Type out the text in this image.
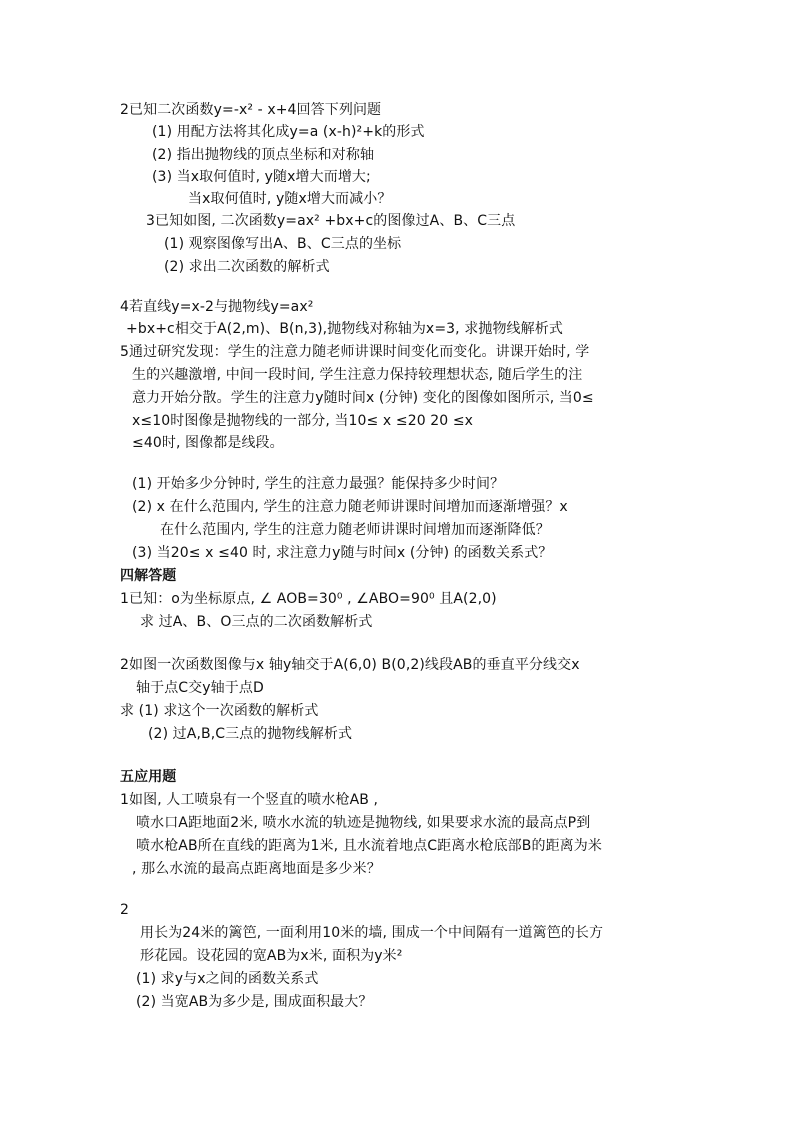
2已知二次函数y=-x² - x+4回答下列问题
(1) 用配方法将其化成y=a (x-h)²+k的形式
(2) 指出抛物线的顶点坐标和对称轴
(3) 当x取何值时, y随x增大而增大;
当x取何值时, y随x增大而减小？
3已知如图, 二次函数y=ax² +bx+c的图像过A、B、C三点
(1) 观察图像写出A、B、C三点的坐标
(2) 求出二次函数的解析式
4若直线y=x-2与抛物线y=ax²
+bx+c相交于A(2,m)、B(n,3),抛物线对称轴为x=3, 求抛物线解析式
5通过研究发现：学生的注意力随老师讲课时间变化而变化。讲课开始时, 学
生的兴趣激增, 中间一段时间, 学生注意力保持较理想状态, 随后学生的注
意力开始分散。学生的注意力y随时间x (分钟) 变化的图像如图所示, 当0≤
x≤10时图像是抛物线的一部分, 当10≤ x ≤20 20 ≤x
≤40时, 图像都是线段。
(1) 开始多少分钟时, 学生的注意力最强？能保持多少时间？
(2) x 在什么范围内, 学生的注意力随老师讲课时间增加而逐渐增强？x
在什么范围内, 学生的注意力随老师讲课时间增加而逐渐降低？
(3) 当20≤ x ≤40 时, 求注意力y随与时间x (分钟) 的函数关系式？
四解答题
1已知：o为坐标原点, ∠ AOB=30⁰ , ∠ABO=90⁰ 且A(2,0)
求 过A、B、O三点的二次函数解析式
2如图一次函数图像与x 轴y轴交于A(6,0) B(0,2)线段AB的垂直平分线交x
轴于点C交y轴于点D
求 (1) 求这个一次函数的解析式
(2) 过A,B,C三点的抛物线解析式
五应用题
1如图, 人工喷泉有一个竖直的喷水枪AB ,
喷水口A距地面2米, 喷水水流的轨迹是抛物线, 如果要求水流的最高点P到
喷水枪AB所在直线的距离为1米, 且水流着地点C距离水枪底部B的距离为米
, 那么水流的最高点距离地面是多少米？
2
用长为24米的篱笆, 一面利用10米的墙, 围成一个中间隔有一道篱笆的长方
形花园。设花园的宽AB为x米, 面积为y米²
(1) 求y与x之间的函数关系式
(2) 当宽AB为多少是, 围成面积最大？
